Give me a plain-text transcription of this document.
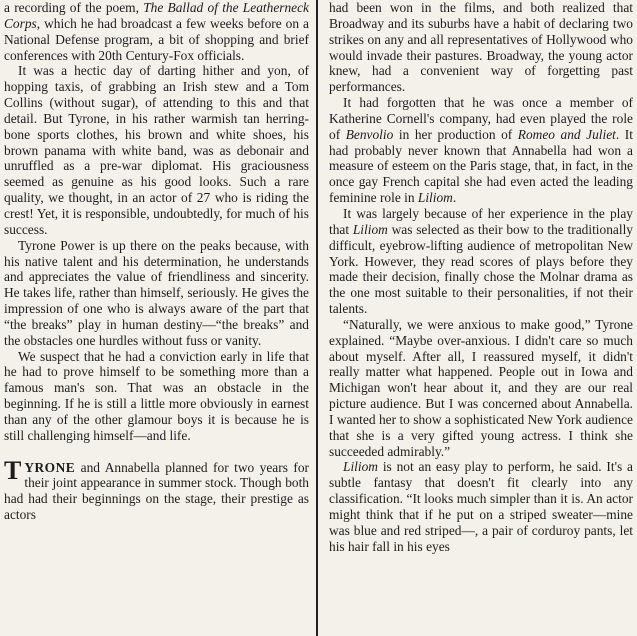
a recording of the poem, The Ballad of the Leatherneck Corps, which he had broadcast a few weeks before on a National Defense program, a bit of shopping and brief conferences with 20th Century-Fox officials.

It was a hectic day of darting hither and yon, of hopping taxis, of grabbing an Irish stew and a Tom Collins (without sugar), of attending to this and that detail. But Tyrone, in his rather warmish tan herring-bone sports clothes, his brown and white shoes, his brown panama with white band, was as debonair and unruffled as a pre-war diplomat. His graciousness seemed as genuine as his good looks. Such a rare quality, we thought, in an actor of 27 who is riding the crest! Yet, it is responsible, undoubtedly, for much of his success.

Tyrone Power is up there on the peaks because, with his native talent and his determination, he understands and appreciates the value of friendliness and sincerity. He takes life, rather than himself, seriously. He gives the impression of one who is always aware of the part that “the breaks” play in human destiny—“the breaks” and the obstacles one hurdles without fuss or vanity.

We suspect that he had a conviction early in life that he had to prove himself to be something more than a famous man's son. That was an obstacle in the beginning. If he is still a little more obviously in earnest than any of the other glamour boys it is because he is still challenging himself—and life.

TYRONE and Annabella planned for two years for their joint appearance in summer stock. Though both had had their beginnings on the stage, their prestige as actors

had been won in the films, and both realized that Broadway and its suburbs have a habit of declaring two strikes on any and all representatives of Hollywood who would invade their pastures. Broadway, the young actor knew, had a convenient way of forgetting past performances.

It had forgotten that he was once a member of Katherine Cornell's company, had even played the role of Benvolio in her production of Romeo and Juliet. It had probably never known that Annabella had won a measure of esteem on the Paris stage, that, in fact, in the once gay French capital she had even acted the leading feminine role in Liliom.

It was largely because of her experience in the play that Liliom was selected as their bow to the traditionally difficult, eyebrow-lifting audience of metropolitan New York. However, they read scores of plays before they made their decision, finally chose the Molnar drama as the one most suitable to their personalities, if not their talents.

“Naturally, we were anxious to make good,” Tyrone explained. “Maybe over-anxious. I didn't care so much about myself. After all, I reassured myself, it didn't really matter what happened. People out in Iowa and Michigan won't hear about it, and they are our real picture audience. But I was concerned about Annabella. I wanted her to show a sophisticated New York audience that she is a very gifted young actress. I think she succeeded admirably.”

Liliom is not an easy play to perform, he said. It's a subtle fantasy that doesn't fit clearly into any classification. “It looks much simpler than it is. An actor might think that if he put on a striped sweater—mine was blue and red striped—, a pair of corduroy pants, let his hair fall in his eyes
